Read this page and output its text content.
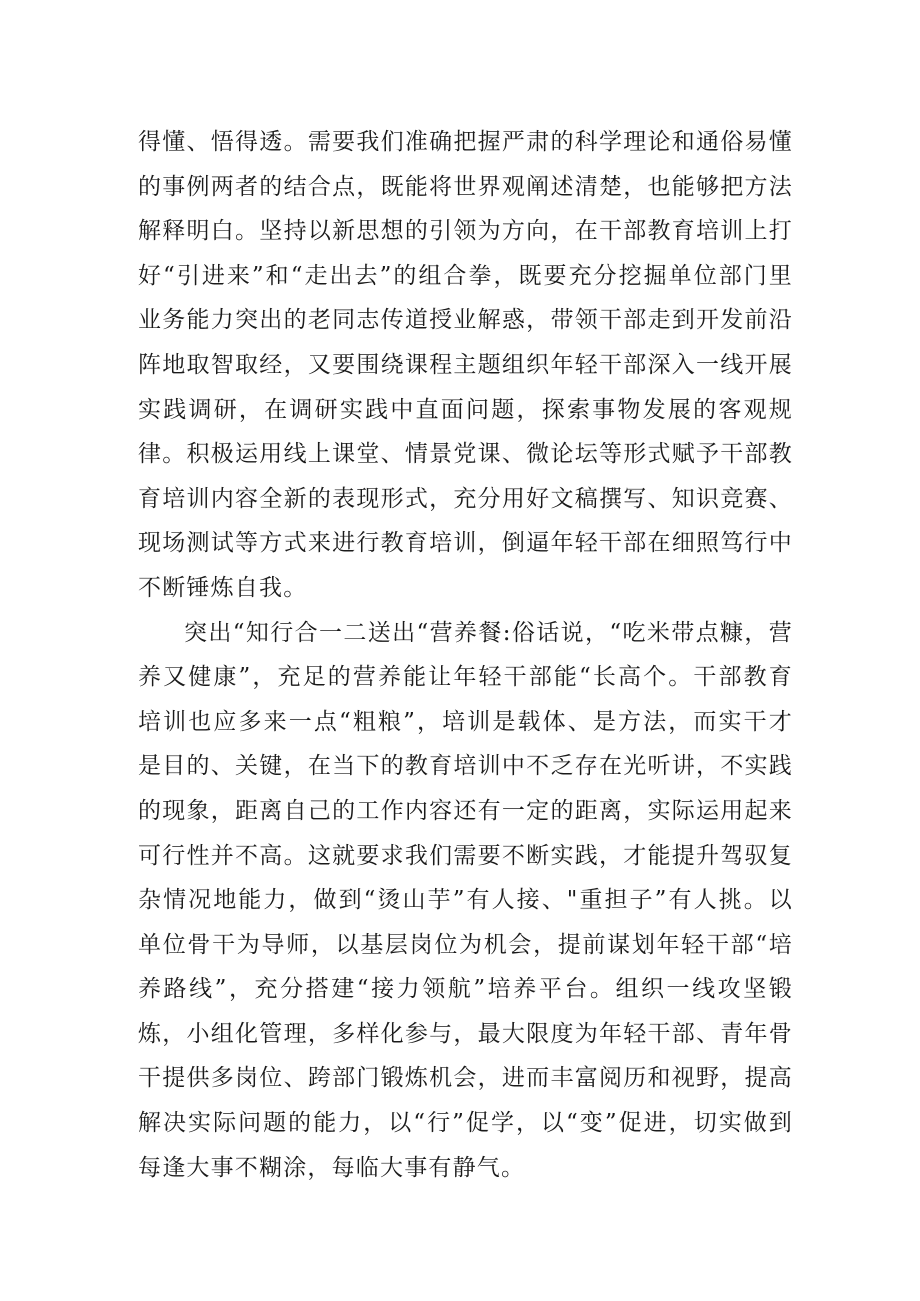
得懂、悟得透。需要我们准确把握严肃的科学理论和通俗易懂的事例两者的结合点，既能将世界观阐述清楚，也能够把方法解释明白。坚持以新思想的引领为方向，在干部教育培训上打好“引进来”和“走出去”的组合拳，既要充分挖掘单位部门里业务能力突出的老同志传道授业解惑，带领干部走到开发前沿阵地取智取经，又要围绕课程主题组织年轻干部深入一线开展实践调研，在调研实践中直面问题，探索事物发展的客观规律。积极运用线上课堂、情景党课、微论坛等形式赋予干部教育培训内容全新的表现形式，充分用好文稿撰写、知识竞赛、现场测试等方式来进行教育培训，倒逼年轻干部在细照笃行中不断锤炼自我。

突出“知行合一二送出“营养餐:俗话说，“吃米带点糠，营养又健康”，充足的营养能让年轻干部能“长高个。干部教育培训也应多来一点“粗粮”，培训是载体、是方法，而实干才是目的、关键，在当下的教育培训中不乏存在光听讲，不实践的现象，距离自己的工作内容还有一定的距离，实际运用起来可行性并不高。这就要求我们需要不断实践，才能提升驾驭复杂情况地能力，做到“烫山芋”有人接、"重担子”有人挑。以单位骨干为导师，以基层岗位为机会，提前谋划年轻干部“培养路线”，充分搭建“接力领航”培养平台。组织一线攻坚锻炼，小组化管理，多样化参与，最大限度为年轻干部、青年骨干提供多岗位、跨部门锻炼机会，进而丰富阅历和视野，提高解决实际问题的能力，以“行”促学，以“变”促进，切实做到每逢大事不糊涂，每临大事有静气。
